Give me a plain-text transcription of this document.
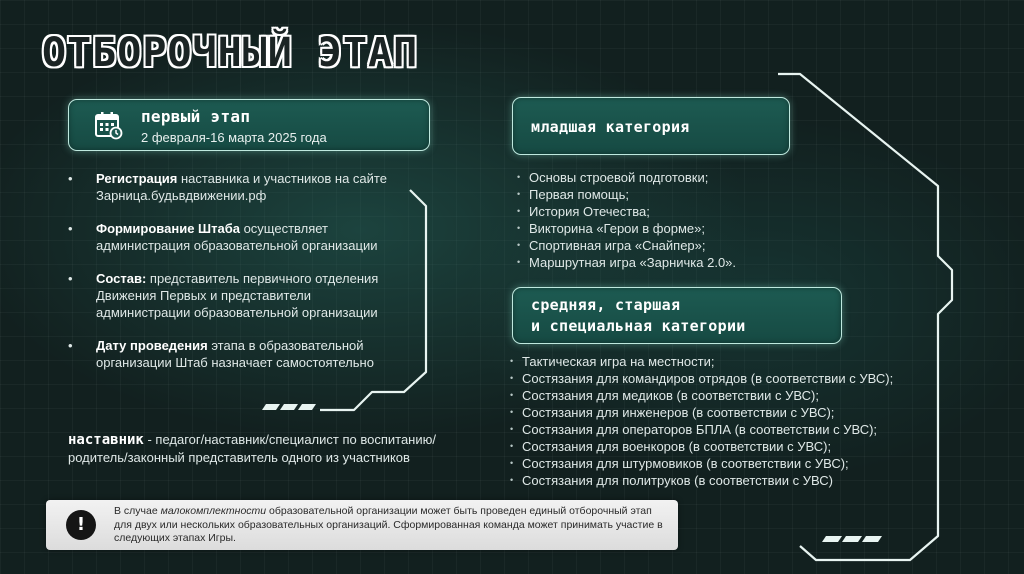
ОТБОРОЧНЫЙ ЭТАП
первый этап
2 февраля-16 марта 2025 года
• Регистрация наставника и участников на сайте Зарница.будьвдвижении.рф
• Формирование Штаба осуществляет администрация образовательной организации
• Состав: представитель первичного отделения Движения Первых и представители администрации образовательной организации
• Дату проведения этапа в образовательной организации Штаб назначает самостоятельно
наставник - педагог/наставник/специалист по воспитанию/ родитель/законный представитель одного из участников
младшая категория
• Основы строевой подготовки;
• Первая помощь;
• История Отечества;
• Викторина «Герои в форме»;
• Спортивная игра «Снайпер»;
• Маршрутная игра «Зарничка 2.0».
средняя, старшая
и специальная категории
• Тактическая игра на местности;
• Состязания для командиров отрядов (в соответствии с УВС);
• Состязания для медиков (в соответствии с УВС);
• Состязания для инженеров (в соответствии с УВС);
• Состязания для операторов БПЛА (в соответствии с УВС);
• Состязания для военкоров (в соответствии с УВС);
• Состязания для штурмовиков (в соответствии с УВС);
• Состязания для политруков (в соответствии с УВС)
!
В случае малокомплектности образовательной организации может быть проведен единый отборочный этап для двух или нескольких образовательных организаций. Сформированная команда может принимать участие в следующих этапах Игры.
